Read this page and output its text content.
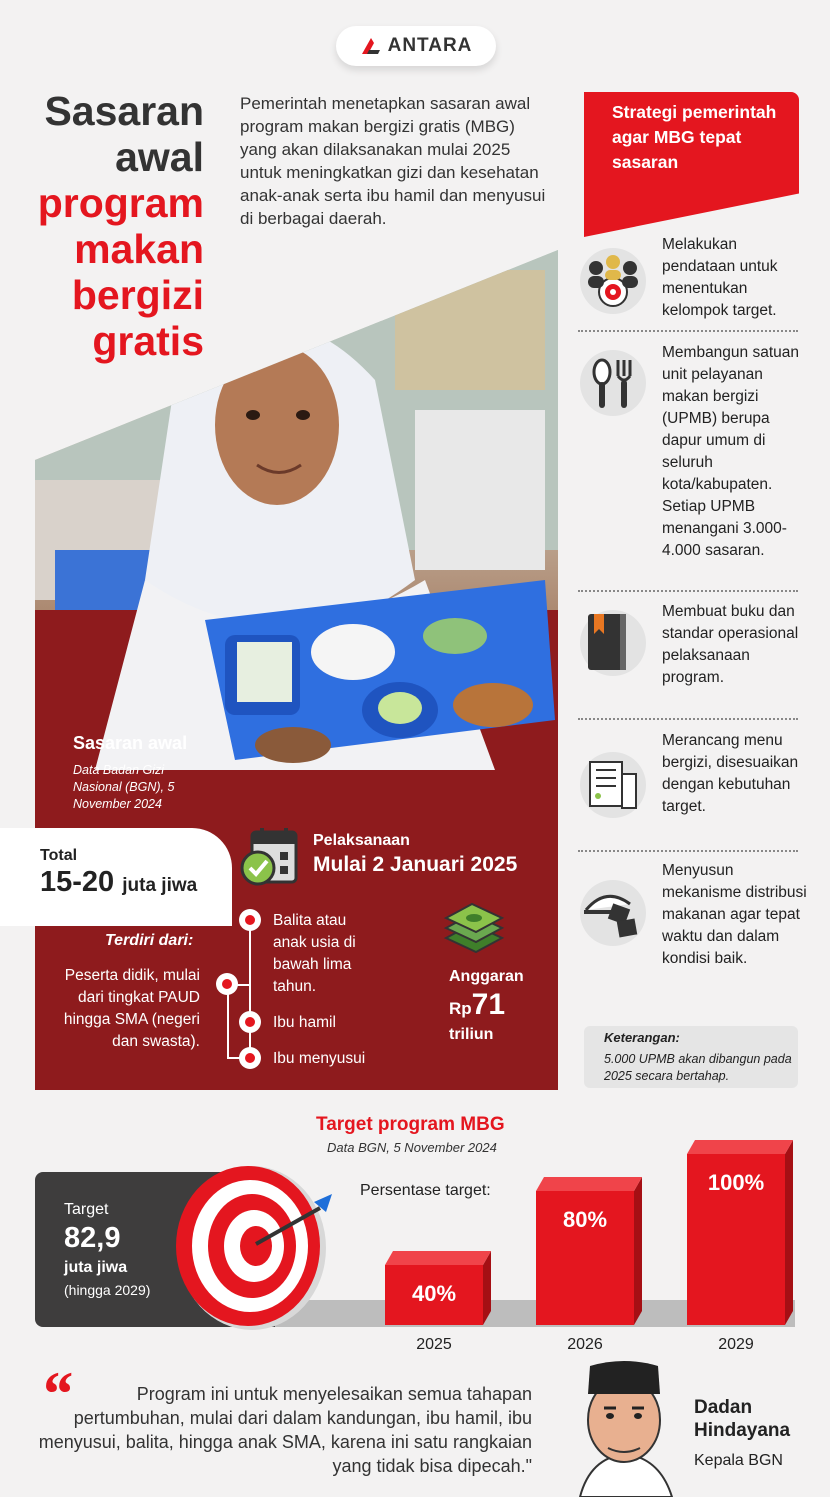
ANTARA
Sasaran
awal
program
makan
bergizi
gratis
Pemerintah menetapkan sasaran awal program makan bergizi gratis (MBG) yang akan dilaksanakan mulai 2025 untuk meningkatkan gizi dan kesehatan anak-anak serta ibu hamil dan menyusui di berbagai daerah.
Sasaran awal
Data Badan Gizi Nasional (BGN), 5 November 2024
Total
15-20 juta jiwa
Terdiri dari:
Peserta didik, mulai dari tingkat PAUD hingga SMA (negeri dan swasta).
Balita atau anak usia di bawah lima tahun.
Ibu hamil
Ibu menyusui
Pelaksanaan
Mulai 2 Januari 2025
Anggaran
Rp71
triliun
Strategi pemerintah agar MBG tepat sasaran
Melakukan pendataan untuk menentukan kelompok target.
Membangun satuan unit pelayanan makan bergizi (UPMB) berupa dapur umum di seluruh kota/kabupaten. Setiap UPMB menangani 3.000-4.000 sasaran.
Membuat buku dan standar operasional pelaksanaan program.
Merancang menu bergizi, disesuaikan dengan kebutuhan target.
Menyusun mekanisme distribusi makanan agar tepat waktu dan dalam kondisi baik.
Keterangan:
5.000 UPMB akan dibangun pada 2025 secara bertahap.
Target program MBG
Data BGN, 5 November 2024
Target
82,9
juta jiwa
(hingga 2029)
Persentase target:
40%
2025
80%
2026
100%
2029
“	Program ini untuk menyelesaikan semua tahapan pertumbuhan, mulai dari dalam kandungan, ibu hamil, ibu menyusui, balita, hingga anak SMA, karena ini satu rangkaian yang tidak bisa dipecah."
Dadan Hindayana
Kepala BGN
